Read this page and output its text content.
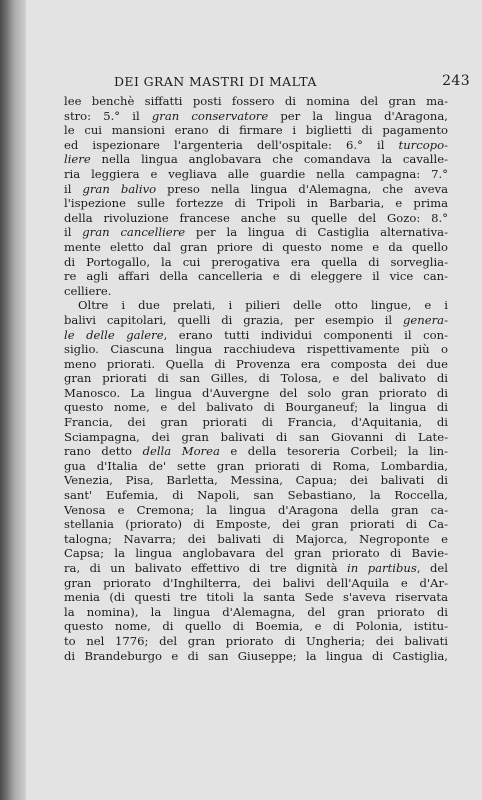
DEI GRAN MASTRI DI MALTA	243
lee benchè siffatti posti fossero di nomina del gran ma-
stro: 5.° il gran conservatore per la lingua d'Aragona,
le cui mansioni erano di firmare i biglietti di pagamento
ed ispezionare l'argenteria dell'ospitale: 6.° il turcopo-
liere nella lingua anglobavara che comandava la cavalle-
ria leggiera e vegliava alle guardie nella campagna: 7.°
il gran balivo preso nella lingua d'Alemagna, che aveva
l'ispezione sulle fortezze di Tripoli in Barbaria, e prima
della rivoluzione francese anche su quelle del Gozo: 8.°
il gran cancelliere per la lingua di Castiglia alternativa-
mente eletto dal gran priore di questo nome e da quello
di Portogallo, la cui prerogativa era quella di sorveglia-
re agli affari della cancelleria e di eleggere il vice can-
celliere.
Oltre i due prelati, i pilieri delle otto lingue, e i
balivi capitolari, quelli di grazia, per esempio il genera-
le delle galere, erano tutti individui componenti il con-
siglio. Ciascuna lingua racchiudeva rispettivamente più o
meno priorati. Quella di Provenza era composta dei due
gran priorati di san Gilles, di Tolosa, e del balivato di
Manosco. La lingua d'Auvergne del solo gran priorato di
questo nome, e del balivato di Bourganeuf; la lingua di
Francia, dei gran priorati di Francia, d'Aquitania, di
Sciampagna, dei gran balivati di san Giovanni di Late-
rano detto della Morea e della tesoreria Corbeil; la lin-
gua d'Italia de' sette gran priorati di Roma, Lombardia,
Venezia, Pisa, Barletta, Messina, Capua; dei balivati di
sant' Eufemia, di Napoli, san Sebastiano, la Roccella,
Venosa e Cremona; la lingua d'Aragona della gran ca-
stellania (priorato) di Emposte, dei gran priorati di Ca-
talogna; Navarra; dei balivati di Majorca, Negroponte e
Capsa; la lingua anglobavara del gran priorato di Bavie-
ra, di un balivato effettivo di tre dignità in partibus, del
gran priorato d'Inghilterra, dei balivi dell'Aquila e d'Ar-
menia (di questi tre titoli la santa Sede s'aveva riservata
la nomina), la lingua d'Alemagna, del gran priorato di
questo nome, di quello di Boemia, e di Polonia, istitu-
to nel 1776; del gran priorato di Ungheria; dei balivati
di Brandeburgo e di san Giuseppe; la lingua di Castiglia,
